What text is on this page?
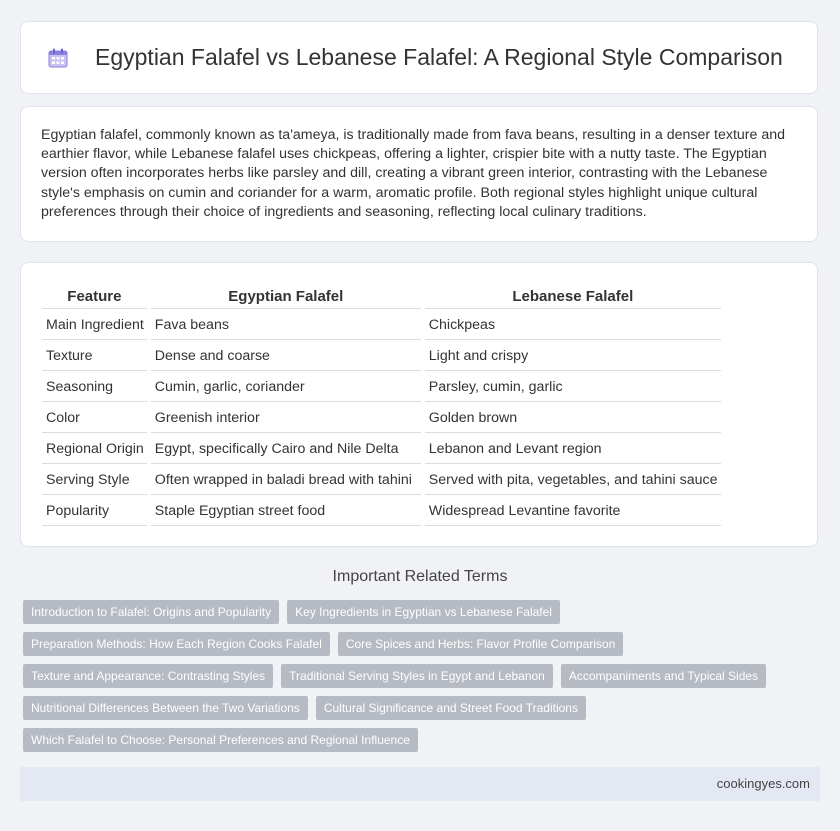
Egyptian Falafel vs Lebanese Falafel: A Regional Style Comparison

Egyptian falafel, commonly known as ta'ameya, is traditionally made from fava beans, resulting in a denser texture and earthier flavor, while Lebanese falafel uses chickpeas, offering a lighter, crispier bite with a nutty taste. The Egyptian version often incorporates herbs like parsley and dill, creating a vibrant green interior, contrasting with the Lebanese style's emphasis on cumin and coriander for a warm, aromatic profile. Both regional styles highlight unique cultural preferences through their choice of ingredients and seasoning, reflecting local culinary traditions.

Feature	Egyptian Falafel	Lebanese Falafel
Main Ingredient	Fava beans	Chickpeas
Texture	Dense and coarse	Light and crispy
Seasoning	Cumin, garlic, coriander	Parsley, cumin, garlic
Color	Greenish interior	Golden brown
Regional Origin	Egypt, specifically Cairo and Nile Delta	Lebanon and Levant region
Serving Style	Often wrapped in baladi bread with tahini	Served with pita, vegetables, and tahini sauce
Popularity	Staple Egyptian street food	Widespread Levantine favorite
Important Related Terms
Introduction to Falafel: Origins and Popularity	Key Ingredients in Egyptian vs Lebanese Falafel
Preparation Methods: How Each Region Cooks Falafel	Core Spices and Herbs: Flavor Profile Comparison
Texture and Appearance: Contrasting Styles	Traditional Serving Styles in Egypt and Lebanon	Accompaniments and Typical Sides
Nutritional Differences Between the Two Variations	Cultural Significance and Street Food Traditions
Which Falafel to Choose: Personal Preferences and Regional Influence
cookingyes.com
